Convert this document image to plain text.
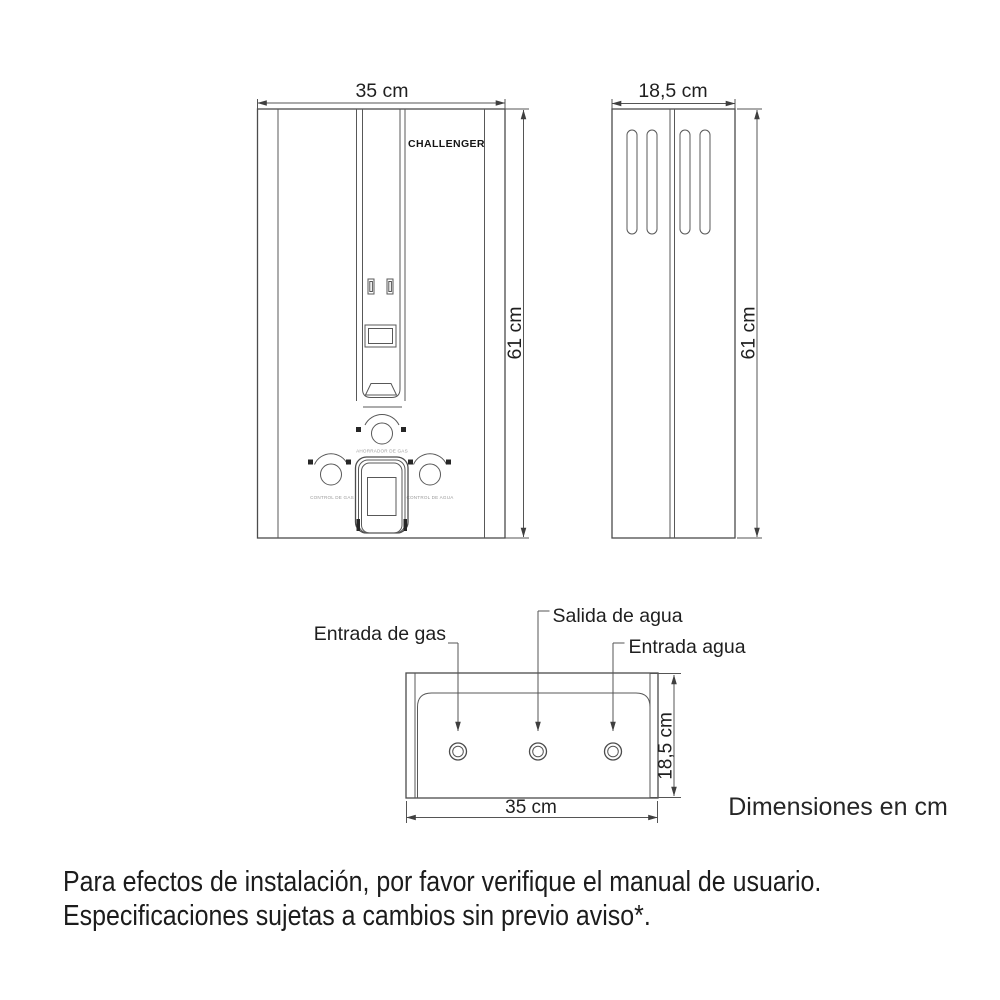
CHALLENGER
AHORRADOR DE GAS
CONTROL DE GAS	CONTROL DE AGUA
35 cm
61 cm
18,5 cm
61 cm
Entrada de gas
Salida de agua
Entrada agua
35 cm
18,5 cm
Dimensiones en cm
Para efectos de instalación, por favor verifique el manual de usuario.
Especificaciones sujetas a cambios sin previo aviso*.
